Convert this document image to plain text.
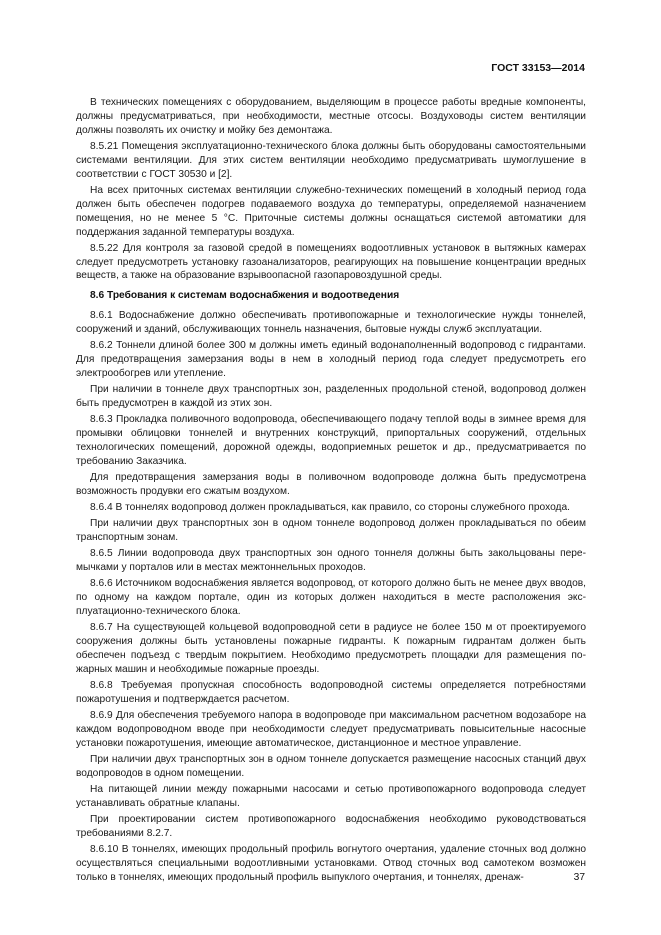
ГОСТ 33153—2014

В технических помещениях с оборудованием, выделяющим в процессе работы вредные компоненты, должны предусматриваться, при необходимости, местные отсосы. Воздуховоды систем вентиляции должны позволять их очистку и мойку без демонтажа.

8.5.21 Помещения эксплуатационно-технического блока должны быть оборудованы самостоятельными системами вентиляции. Для этих систем вентиляции необходимо предусматривать шумоглушение в соответствии с ГОСТ 30530 и [2].

На всех приточных системах вентиляции служебно-технических помещений в холодный период года должен быть обеспечен подогрев подаваемого воздуха до температуры, определяемой назначением помещения, но не менее 5 °С. Приточные системы должны оснащаться системой автоматики для поддержания заданной температуры воздуха.

8.5.22 Для контроля за газовой средой в помещениях водоотливных установок в вытяжных камерах следует предусмотреть установку газоанализаторов, реагирующих на повышение концентрации вредных веществ, а также на образование взрывоопасной газопаровоздушной среды.

8.6 Требования к системам водоснабжения и водоотведения

8.6.1 Водоснабжение должно обеспечивать противопожарные и технологические нужды тоннелей, сооружений и зданий, обслуживающих тоннель назначения, бытовые нужды служб эксплуатации.

8.6.2 Тоннели длиной более 300 м должны иметь единый водонаполненный водопровод с гидрантами. Для предотвращения замерзания воды в нем в холодный период года следует предусмотреть его электрообогрев или утепление.

При наличии в тоннеле двух транспортных зон, разделенных продольной стеной, водопровод должен быть предусмотрен в каждой из этих зон.

8.6.3 Прокладка поливочного водопровода, обеспечивающего подачу теплой воды в зимнее время для промывки облицовки тоннелей и внутренних конструкций, припортальных сооружений, отдельных технологических помещений, дорожной одежды, водоприемных решеток и др., предусматривается по требованию Заказчика.

Для предотвращения замерзания воды в поливочном водопроводе должна быть предусмотрена возможность продувки его сжатым воздухом.

8.6.4 В тоннелях водопровод должен прокладываться, как правило, со стороны служебного прохода.

При наличии двух транспортных зон в одном тоннеле водопровод должен прокладываться по обеим транспортным зонам.

8.6.5 Линии водопровода двух транспортных зон одного тоннеля должны быть закольцованы перемычками у порталов или в местах межтоннельных проходов.

8.6.6 Источником водоснабжения является водопровод, от которого должно быть не менее двух вводов, по одному на каждом портале, один из которых должен находиться в месте расположения эксплуатационно-технического блока.

8.6.7 На существующей кольцевой водопроводной сети в радиусе не более 150 м от проектируемого сооружения должны быть установлены пожарные гидранты. К пожарным гидрантам должен быть обеспечен подъезд с твердым покрытием. Необходимо предусмотреть площадки для размещения пожарных машин и необходимые пожарные проезды.

8.6.8 Требуемая пропускная способность водопроводной системы определяется потребностями пожаротушения и подтверждается расчетом.

8.6.9 Для обеспечения требуемого напора в водопроводе при максимальном расчетном водозаборе на каждом водопроводном вводе при необходимости следует предусматривать повысительные насосные установки пожаротушения, имеющие автоматическое, дистанционное и местное управление.

При наличии двух транспортных зон в одном тоннеле допускается размещение насосных станций двух водопроводов в одном помещении.

На питающей линии между пожарными насосами и сетью противопожарного водопровода следует устанавливать обратные клапаны.

При проектировании систем противопожарного водоснабжения необходимо руководствоваться требованиями 8.2.7.

8.6.10 В тоннелях, имеющих продольный профиль вогнутого очертания, удаление сточных вод должно осуществляться специальными водоотливными установками. Отвод сточных вод самотеком возможен только в тоннелях, имеющих продольный профиль выпуклого очертания, и тоннелях, дренаж-	37
